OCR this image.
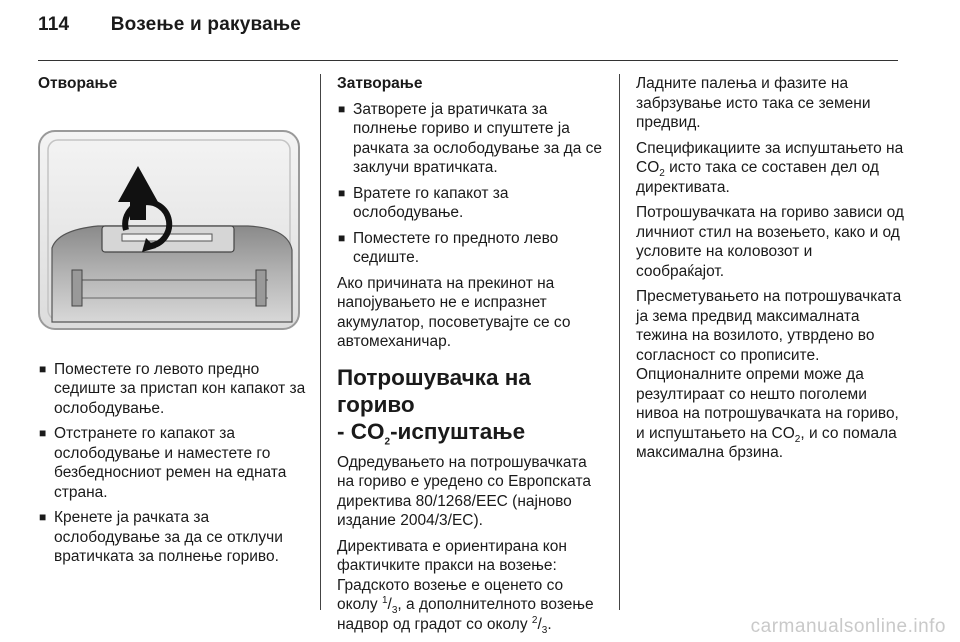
114 Возење и ракување
Отворање
■ Поместете го левото предно седиште за пристап кон капакот за ослободување.
■ Отстранете го капакот за ослободување и наместете го безбедносниот ремен на едната страна.
■ Кренете ја рачката за ослободување за да се отклучи вратичката за полнење гориво.
Затворање
■ Затворете ја вратичката за полнење гориво и спуштете ја рачката за ослободување за да се заклучи вратичката.
■ Вратете го капакот за ослободување.
■ Поместете го предното лево седиште.

Ако причината на прекинот на напојувањето не е испразнет акумулатор, посоветувајте се со автомеханичар.

Потрошувачка на гориво
- $CO_2$-испуштање

Одредувањето на потрошувачката на гориво е уредено со Европската директива 80/1268/ЕЕС (најново издание 2004/3/ЕС).

Директивата е ориентирана кон фактичките пракси на возење: Градското возење е оценето со околу $^1/_3$, а дополнителното возење надвор од градот со околу $^2/_3$.

Ладните палења и фазите на забрзување исто така се земени предвид.

Спецификациите за испуштањето на $CO_2$ исто така се составен дел од директивата.

Потрошувачката на гориво зависи од личниот стил на возењето, како и од условите на коловозот и сообраќајот.

Пресметувањето на потрошувачката ја зема предвид максималната тежина на возилото, утврдено во согласност со прописите. Опционалните опреми може да резултираат со нешто поголеми нивоа на потрошувачката на гориво, и испуштањето на $CO_2$, и со помала максимална брзина.

carmanualsonline.info
